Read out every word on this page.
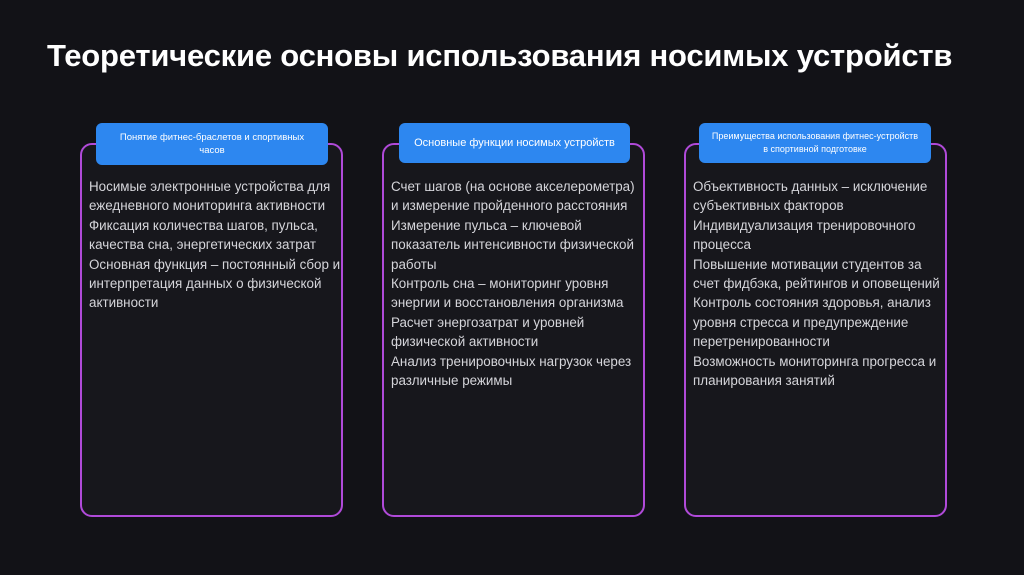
Теоретические основы использования носимых устройств
Понятие фитнес-браслетов и спортивных часов
Носимые электронные устройства для ежедневного мониторинга активности
Фиксация количества шагов, пульса, качества сна, энергетических затрат
Основная функция – постоянный сбор и интерпретация данных о физической активности
Основные функции носимых устройств
Счет шагов (на основе акселерометра) и измерение пройденного расстояния
Измерение пульса – ключевой показатель интенсивности физической работы
Контроль сна – мониторинг уровня энергии и восстановления организма
Расчет энергозатрат и уровней физической активности
Анализ тренировочных нагрузок через различные режимы
Преимущества использования фитнес-устройств в спортивной подготовке
Объективность данных – исключение субъективных факторов
Индивидуализация тренировочного процесса
Повышение мотивации студентов за счет фидбэка, рейтингов и оповещений
Контроль состояния здоровья, анализ уровня стресса и предупреждение перетренированности
Возможность мониторинга прогресса и планирования занятий
